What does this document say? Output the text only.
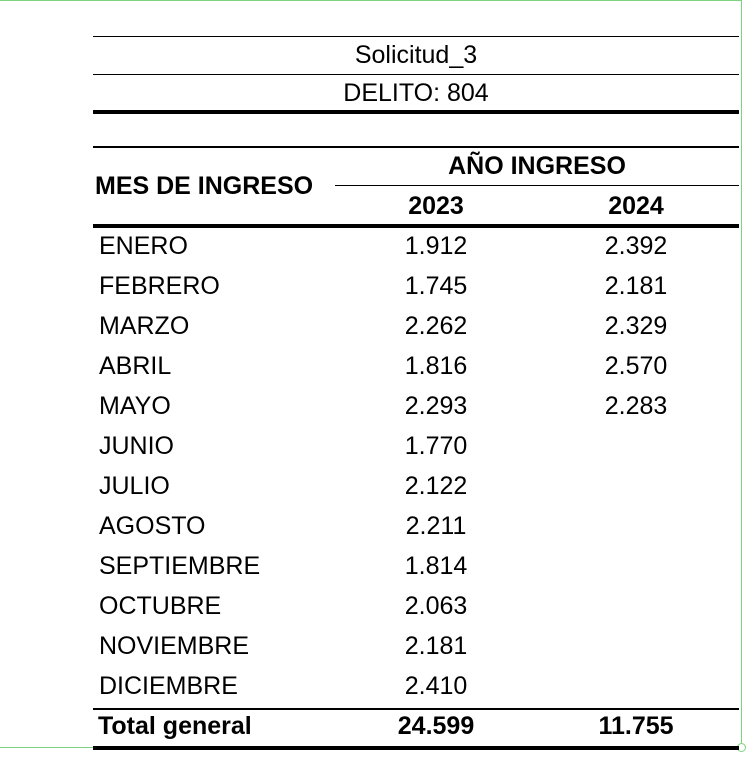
Solicitud_3
DELITO: 804
MES DE INGRESO
AÑO INGRESO
2023	2024
ENERO	1.912	2.392
FEBRERO	1.745	2.181
MARZO	2.262	2.329
ABRIL	1.816	2.570
MAYO	2.293	2.283
JUNIO	1.770
JULIO	2.122
AGOSTO	2.211
SEPTIEMBRE	1.814
OCTUBRE	2.063
NOVIEMBRE	2.181
DICIEMBRE	2.410
Total general	24.599	11.755
